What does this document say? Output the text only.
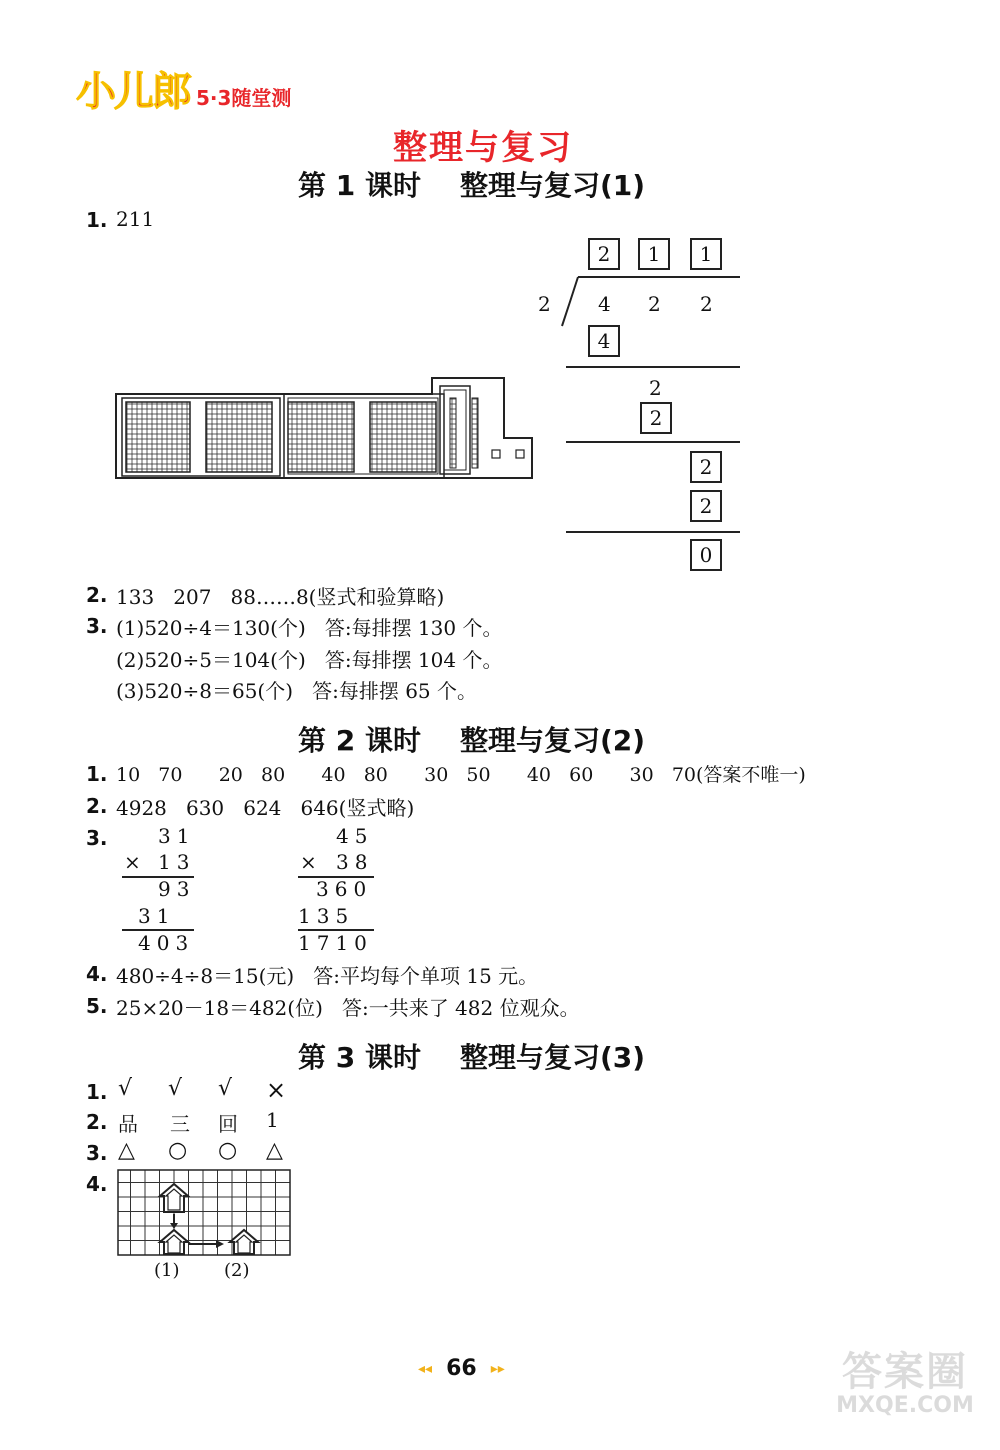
小儿郎 5·3随堂测
整理与复习
第 1 课时    整理与复习(1)
1. 211
2	1	1
2 4 2 2
4
2
2
2
2
0
2. 133   207   88……8(竖式和验算略)
3. (1)520÷4＝130(个)   答:每排摆 130 个。
(2)520÷5＝104(个)   答:每排摆 104 个。
(3)520÷8＝65(个)   答:每排摆 65 个。
第 2 课时    整理与复习(2)
1. 10   70      20   80      40   80      30   50      40   60      30   70(答案不唯一)
2. 4928   630   624   646(竖式略)
3.	31
× 13
93
31
403
45
× 38
360
135
1710
4. 480÷4÷8＝15(元)   答:平均每个单项 15 元。
5. 25×20－18＝482(位)   答:一共来了 482 位观众。
第 3 课时    整理与复习(3)
1. √ √ √ ×
2. 品 三 回 1
3. △ ○ ○ △
4.
(1) (2)
◂◂ 66 ▸▸	答案圈
MXQE.COM
